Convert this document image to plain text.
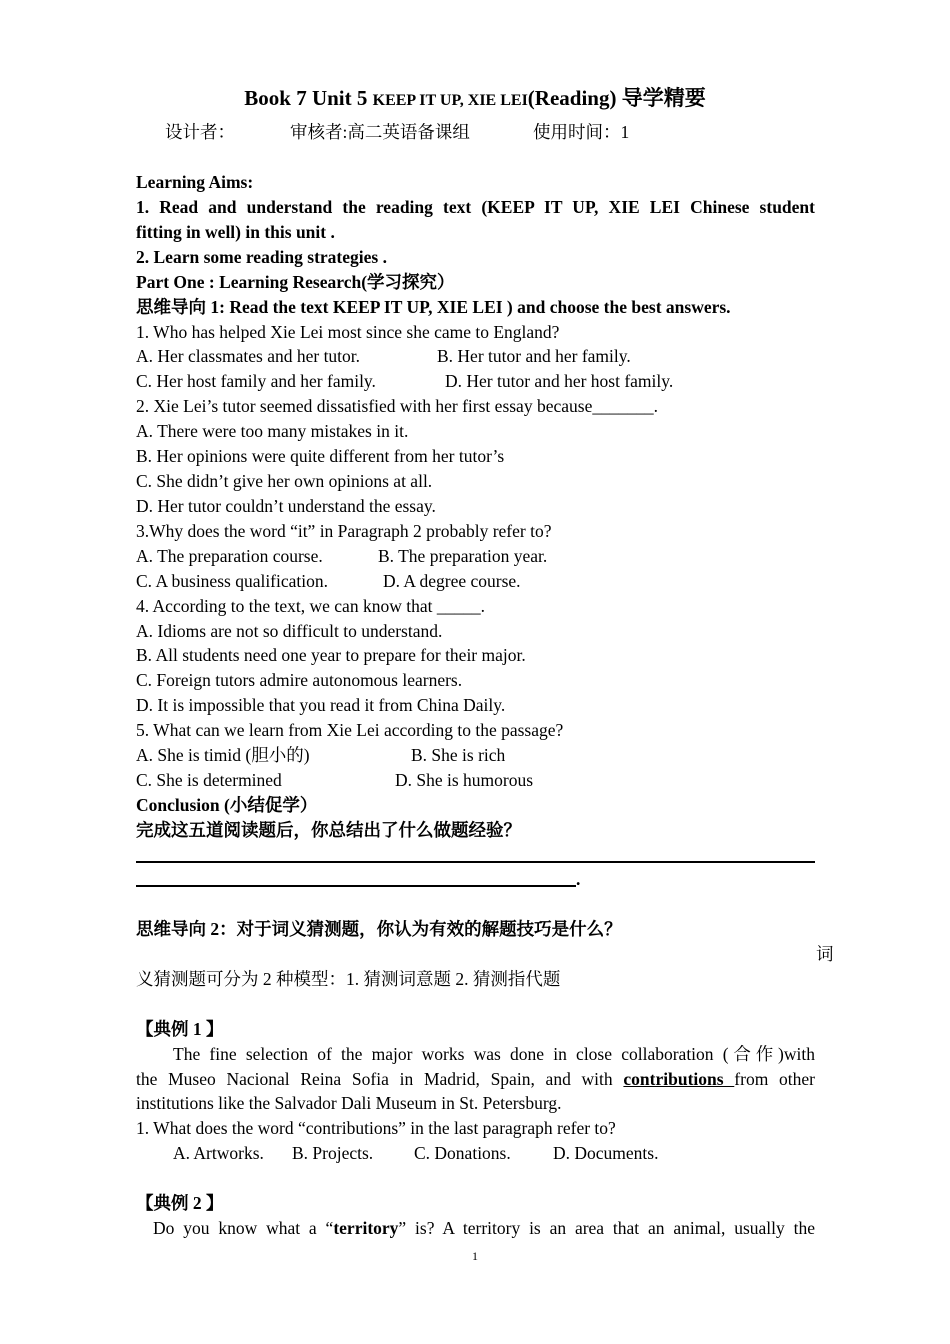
Book 7 Unit 5 KEEP IT UP, XIE LEI(Reading) 导学精要
设计者：	审核者:高二英语备课组	使用时间：1
Learning Aims:
1. Read and understand the reading text (KEEP IT UP, XIE LEI Chinese student
fitting in well) in this unit .
2. Learn some reading strategies .
Part One : Learning Research(学习探究）
思维导向 1: Read the text KEEP IT UP, XIE LEI ) and choose the best answers.
1. Who has helped Xie Lei most since she came to England?
A. Her classmates and her tutor.	B. Her tutor and her family.
C. Her host family and her family.	D. Her tutor and her host family.
2. Xie Lei’s tutor seemed dissatisfied with her first essay because_______.
A. There were too many mistakes in it.
B. Her opinions were quite different from her tutor’s
C. She didn’t give her own opinions at all.
D. Her tutor couldn’t understand the essay.
3.Why does the word “it” in Paragraph 2 probably refer to?
A. The preparation course.	B. The preparation year.
C. A business qualification.	D. A degree course.
4. According to the text, we can know that _____.
A. Idioms are not so difficult to understand.
B. All students need one year to prepare for their major.
C. Foreign tutors admire autonomous learners.
D. It is impossible that you read it from China Daily.
5. What can we learn from Xie Lei according to the passage?
A. She is timid (胆小的)	B. She is rich
C. She is determined	D. She is humorous
Conclusion (小结促学）
完成这五道阅读题后，你总结出了什么做题经验？
.
思维导向 2：对于词义猜测题，你认为有效的解题技巧是什么？
词
义猜测题可分为 2 种模型：1. 猜测词意题 2. 猜测指代题
【典例 1 】
The fine selection of the major works was done in close collaboration (合作)with
the Museo Nacional Reina Sofia in Madrid, Spain, and with contributions from other
institutions like the Salvador Dali Museum in St. Petersburg.
1. What does the word “contributions” in the last paragraph refer to?
A. Artworks. B. Projects. C. Donations. D. Documents.
【典例 2 】
Do you know what a “territory” is? A territory is an area that an animal, usually the
1
